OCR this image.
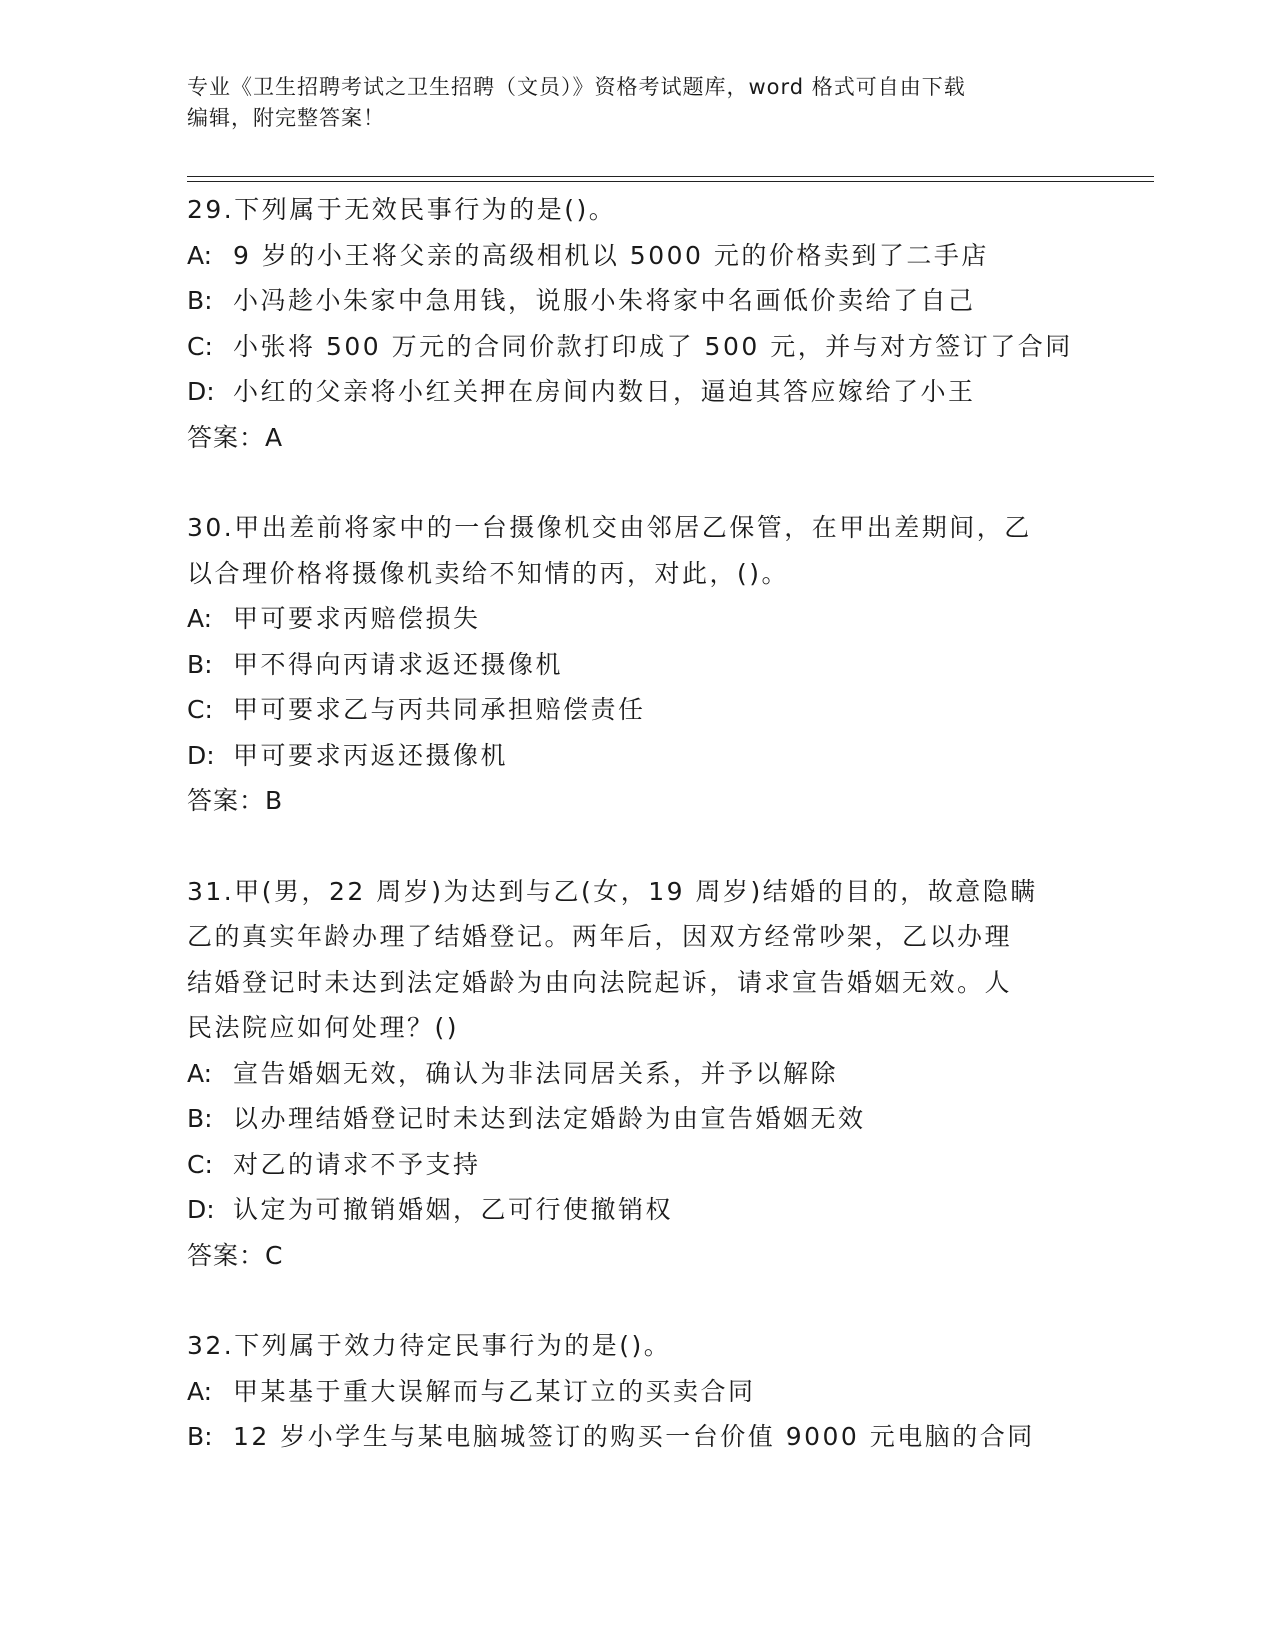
专业《卫生招聘考试之卫生招聘（文员）》资格考试题库，word 格式可自由下载
编辑，附完整答案！
29.下列属于无效民事行为的是()。
A: 9 岁的小王将父亲的高级相机以 5000 元的价格卖到了二手店
B: 小冯趁小朱家中急用钱，说服小朱将家中名画低价卖给了自己
C: 小张将 500 万元的合同价款打印成了 500 元，并与对方签订了合同
D: 小红的父亲将小红关押在房间内数日，逼迫其答应嫁给了小王
答案：A
30.甲出差前将家中的一台摄像机交由邻居乙保管，在甲出差期间，乙
以合理价格将摄像机卖给不知情的丙，对此，()。
A: 甲可要求丙赔偿损失
B: 甲不得向丙请求返还摄像机
C: 甲可要求乙与丙共同承担赔偿责任
D: 甲可要求丙返还摄像机
答案：B
31.甲(男，22 周岁)为达到与乙(女，19 周岁)结婚的目的，故意隐瞒
乙的真实年龄办理了结婚登记。两年后，因双方经常吵架，乙以办理
结婚登记时未达到法定婚龄为由向法院起诉，请求宣告婚姻无效。人
民法院应如何处理？()
A: 宣告婚姻无效，确认为非法同居关系，并予以解除
B: 以办理结婚登记时未达到法定婚龄为由宣告婚姻无效
C: 对乙的请求不予支持
D: 认定为可撤销婚姻，乙可行使撤销权
答案：C
32.下列属于效力待定民事行为的是()。
A: 甲某基于重大误解而与乙某订立的买卖合同
B: 12 岁小学生与某电脑城签订的购买一台价值 9000 元电脑的合同
